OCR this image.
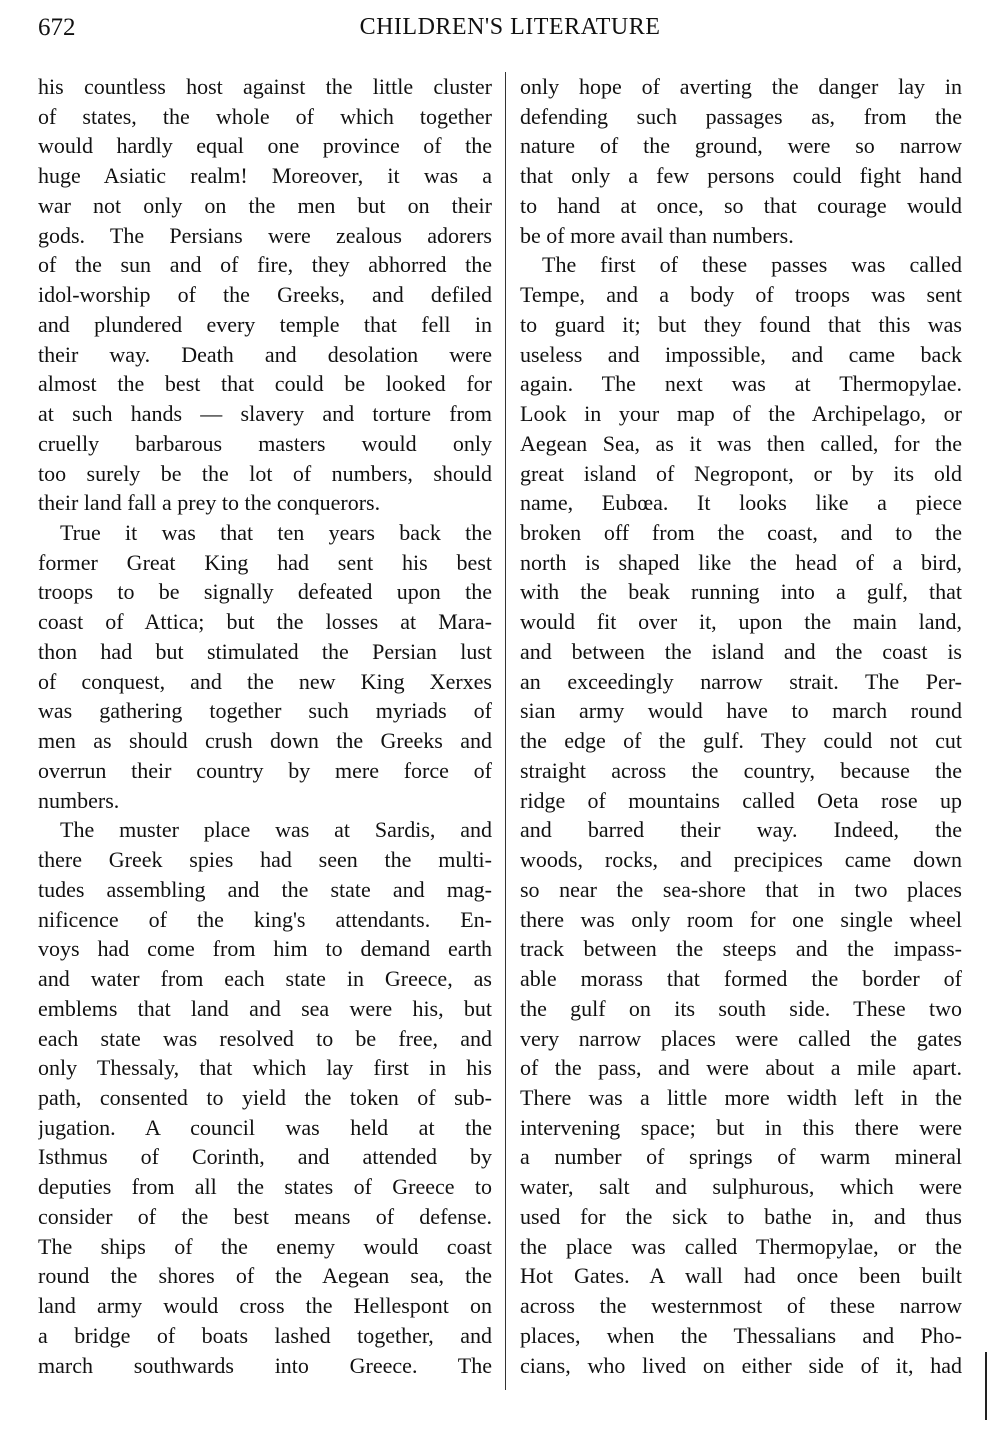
672	CHILDREN'S LITERATURE
his countless host against the little cluster
of states, the whole of which together
would hardly equal one province of the
huge Asiatic realm! Moreover, it was a
war not only on the men but on their
gods. The Persians were zealous adorers
of the sun and of fire, they abhorred the
idol-worship of the Greeks, and defiled
and plundered every temple that fell in
their way. Death and desolation were
almost the best that could be looked for
at such hands — slavery and torture from
cruelly barbarous masters would only
too surely be the lot of numbers, should
their land fall a prey to the conquerors.
True it was that ten years back the
former Great King had sent his best
troops to be signally defeated upon the
coast of Attica; but the losses at Mara-
thon had but stimulated the Persian lust
of conquest, and the new King Xerxes
was gathering together such myriads of
men as should crush down the Greeks and
overrun their country by mere force of
numbers.
The muster place was at Sardis, and
there Greek spies had seen the multi-
tudes assembling and the state and mag-
nificence of the king's attendants. En-
voys had come from him to demand earth
and water from each state in Greece, as
emblems that land and sea were his, but
each state was resolved to be free, and
only Thessaly, that which lay first in his
path, consented to yield the token of sub-
jugation. A council was held at the
Isthmus of Corinth, and attended by
deputies from all the states of Greece to
consider of the best means of defense.
The ships of the enemy would coast
round the shores of the Aegean sea, the
land army would cross the Hellespont on
a bridge of boats lashed together, and
march southwards into Greece. The
only hope of averting the danger lay in
defending such passages as, from the
nature of the ground, were so narrow
that only a few persons could fight hand
to hand at once, so that courage would
be of more avail than numbers.
The first of these passes was called
Tempe, and a body of troops was sent
to guard it; but they found that this was
useless and impossible, and came back
again. The next was at Thermopylae.
Look in your map of the Archipelago, or
Aegean Sea, as it was then called, for the
great island of Negropont, or by its old
name, Eubœa. It looks like a piece
broken off from the coast, and to the
north is shaped like the head of a bird,
with the beak running into a gulf, that
would fit over it, upon the main land,
and between the island and the coast is
an exceedingly narrow strait. The Per-
sian army would have to march round
the edge of the gulf. They could not cut
straight across the country, because the
ridge of mountains called Oeta rose up
and barred their way. Indeed, the
woods, rocks, and precipices came down
so near the sea-shore that in two places
there was only room for one single wheel
track between the steeps and the impass-
able morass that formed the border of
the gulf on its south side. These two
very narrow places were called the gates
of the pass, and were about a mile apart.
There was a little more width left in the
intervening space; but in this there were
a number of springs of warm mineral
water, salt and sulphurous, which were
used for the sick to bathe in, and thus
the place was called Thermopylae, or the
Hot Gates. A wall had once been built
across the westernmost of these narrow
places, when the Thessalians and Pho-
cians, who lived on either side of it, had
